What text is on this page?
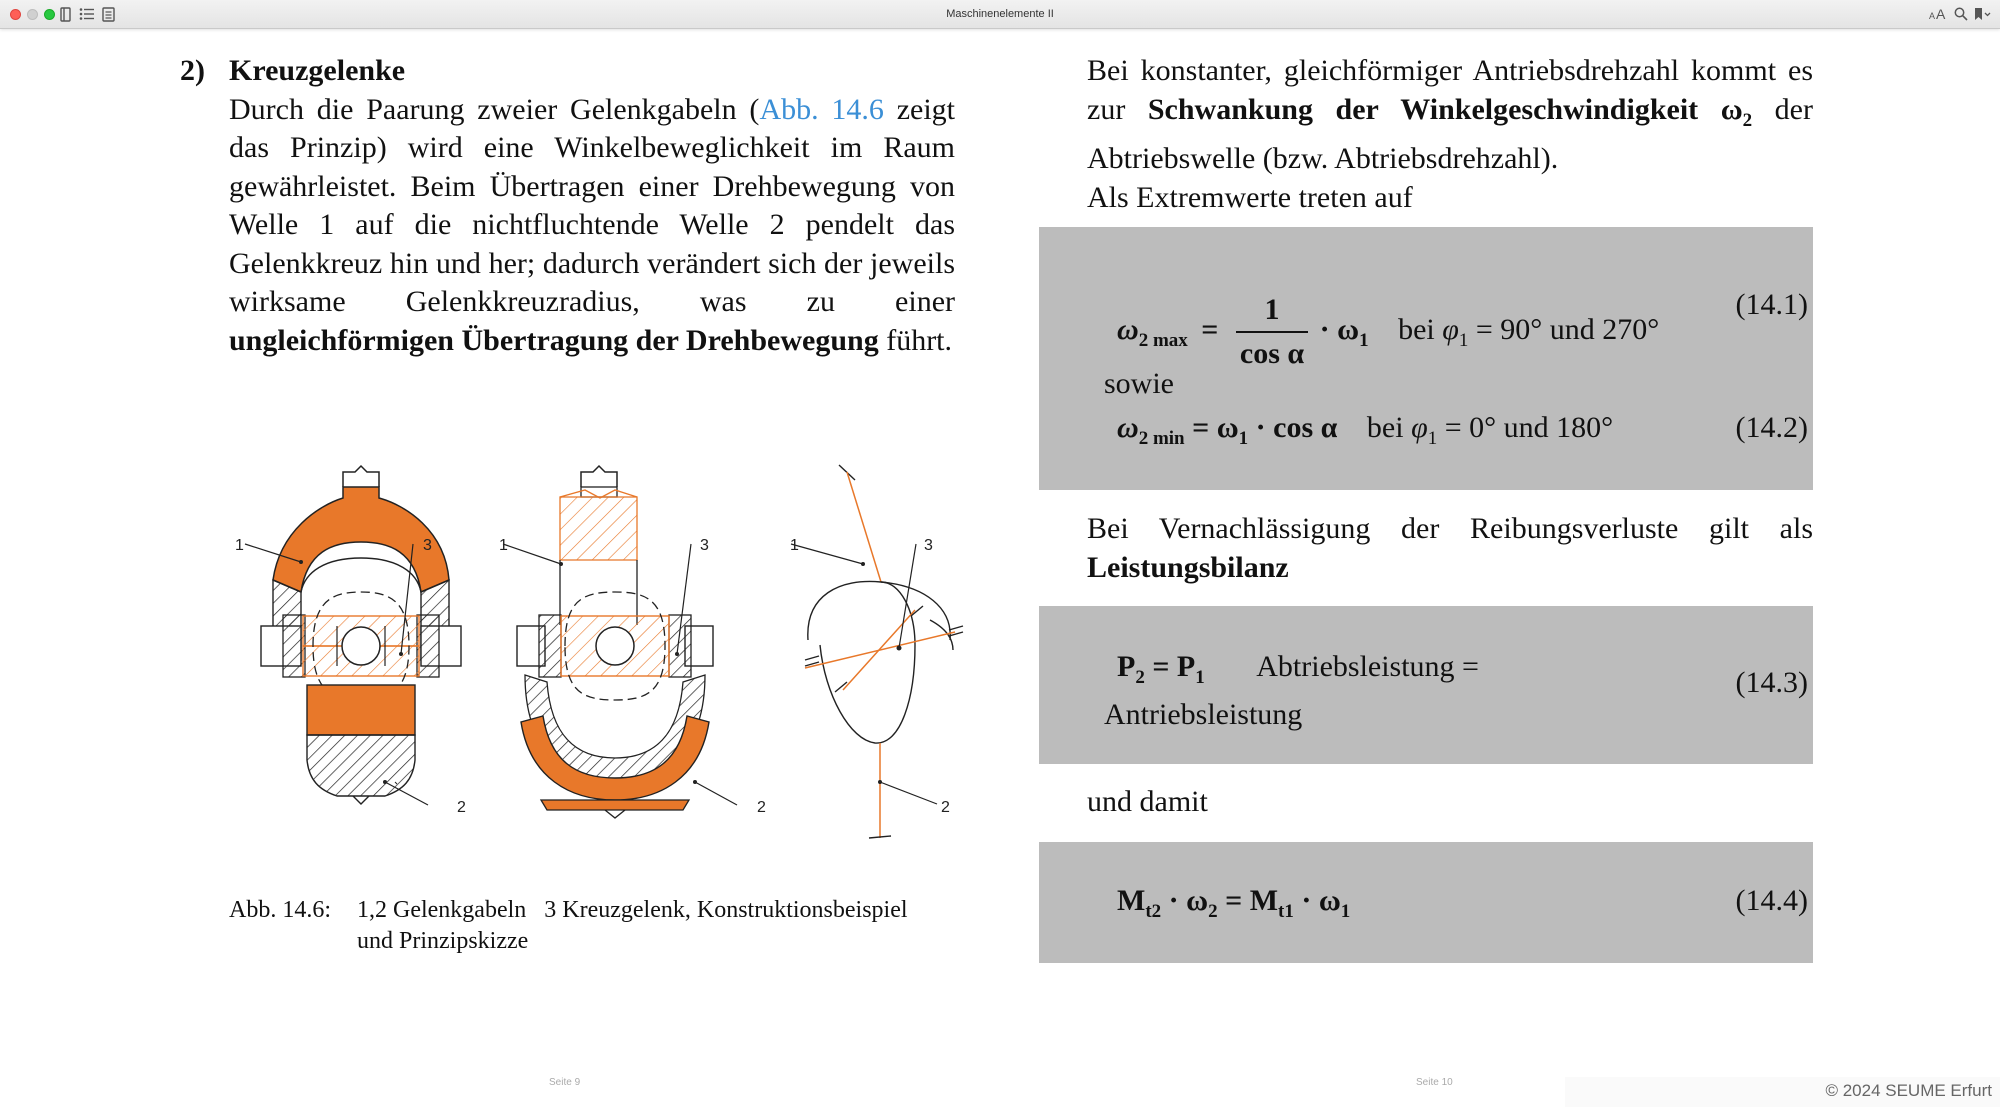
Maschinenelemente II	A A
2) Kreuzgelenke

Durch die Paarung zweier Gelenkgabeln (Abb. 14.6 zeigt das Prinzip) wird eine Winkelbeweglichkeit im Raum gewährleistet. Beim Übertragen einer Drehbewegung von Welle 1 auf die nichtfluchtende Welle 2 pendelt das Gelenkkreuz hin und her; dadurch verändert sich der jeweils wirksame Gelenkkreuzradius, was zu einer ungleichförmigen Übertragung der Drehbewegung führt.

1	3
2
1	3
2
1	3
2
Abb. 14.6: 1,2 Gelenkgabeln   3 Kreuzgelenk, Konstruktionsbeispiel
und Prinzipskizze

Bei konstanter, gleichförmiger Antriebsdrehzahl kommt es zur Schwankung der Winkelgeschwindigkeit $\omega_2$ der Abtriebswelle (bzw. Abtriebsdrehzahl).

Als Extremwerte treten auf

$\omega_{2 max} = \frac{1}{\text{cos α}} \cdot \omega_1$ bei $\varphi_1 = 90^\circ$ und 270°
(14.1)
sowie
$\omega_{2 min} = \omega_1 \cdot \cos \alpha$ bei $\varphi_1 = 0^\circ$ und 180°	(14.2)
Bei Vernachlässigung der Reibungsverluste gilt als Leistungsbilanz
$P_2 = P_1$ Abtriebsleistung =
Antriebsleistung
(14.3)
und damit
$M_{t2} \cdot \omega_2 = M_{t1} \cdot \omega_1$	(14.4)
Seite 9	Seite 10	© 2024 SEUME Erfurt
